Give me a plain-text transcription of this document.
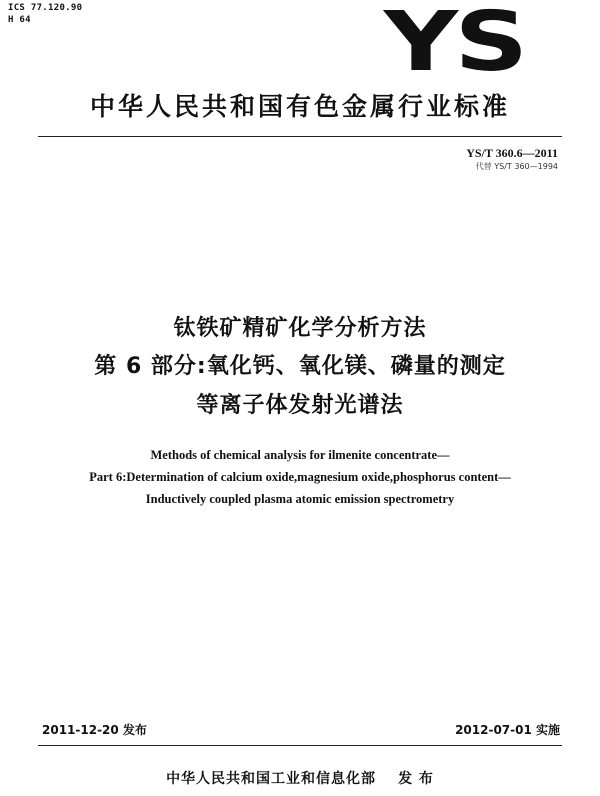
ICS 77.120.90
H 64	YS
中华人民共和国有色金属行业标准
YS/T 360.6—2011
代替 YS/T 360—1994
钛铁矿精矿化学分析方法
第 6 部分:氧化钙、氧化镁、磷量的测定
等离子体发射光谱法
Methods of chemical analysis for ilmenite concentrate—
Part 6:Determination of calcium oxide,magnesium oxide,phosphorus content—
Inductively coupled plasma atomic emission spectrometry
2011-12-20 发布	2012-07-01 实施
中华人民共和国工业和信息化部 发 布
